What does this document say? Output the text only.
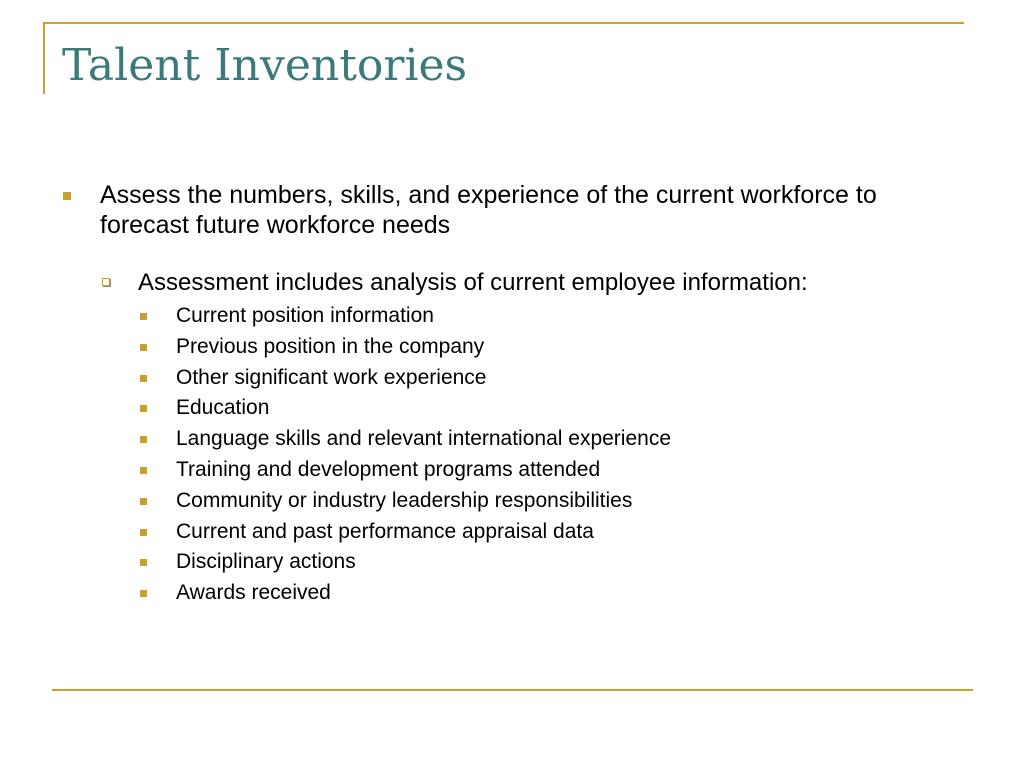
Talent Inventories
Assess the numbers, skills, and experience of the current workforce to forecast future workforce needs
Assessment includes analysis of current employee information:
Current position information
Previous position in the company
Other significant work experience
Education
Language skills and relevant international experience
Training and development programs attended
Community or industry leadership responsibilities
Current and past performance appraisal data
Disciplinary actions
Awards received
